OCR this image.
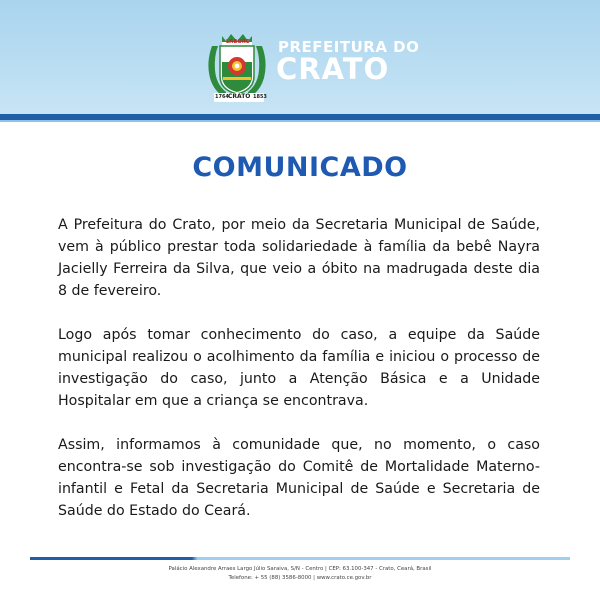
LABORE
1764 CRATO 1853
PREFEITURA DO
CRATO
COMUNICADO

A Prefeitura do Crato, por meio da Secretaria Municipal de Saúde, vem à público prestar toda solidariedade à família da bebê Nayra Jacielly Ferreira da Silva, que veio a óbito na madrugada deste dia 8 de fevereiro.

Logo após tomar conhecimento do caso, a equipe da Saúde municipal realizou o acolhimento da família e iniciou o processo de investigação do caso, junto a Atenção Básica e a Unidade Hospitalar em que a criança se encontrava.

Assim, informamos à comunidade que, no momento, o caso encontra-se sob investigação do Comitê de Mortalidade Materno-infantil e Fetal da Secretaria Municipal de Saúde e Secretaria de Saúde do Estado do Ceará.

Palácio Alexandre Arraes Largo Júlio Saraiva, S/N - Centro | CEP: 63.100-347 - Crato, Ceará, Brasil
Telefone: + 55 (88) 3586-8000 | www.crato.ce.gov.br
